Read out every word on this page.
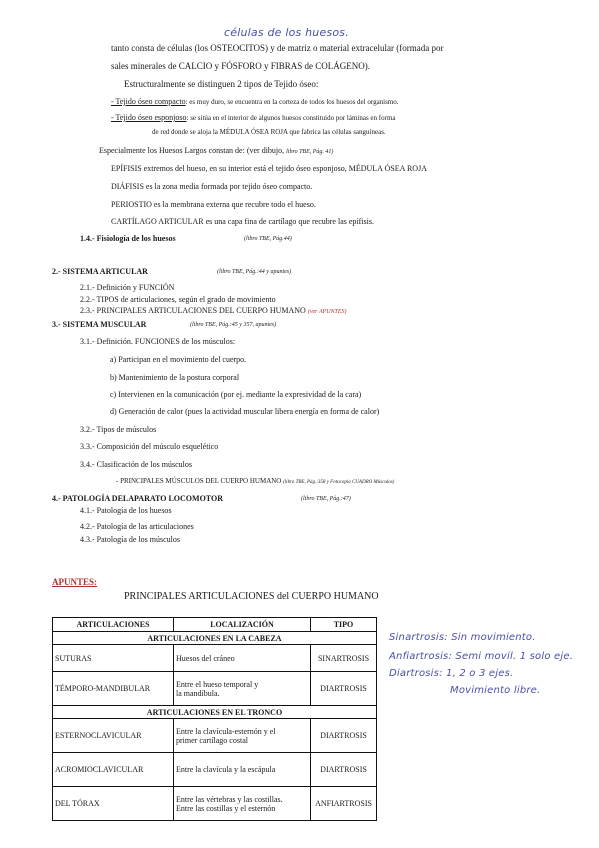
células de los huesos.
tanto consta de células (los OSTEOCITOS) y de matriz o material extracelular (formada por
sales minerales de CALCIO y FÓSFORO y FIBRAS de COLÁGENO).
Estructuralmente se distinguen 2 tipos de Tejido óseo:
- Tejido óseo compacto: es muy duro, se encuentra en la corteza de todos los huesos del organismo.
- Tejido óseo esponjoso: se sitúa en el interior de algunos huesos constituido por láminas en forma
de red donde se aloja la MÉDULA ÓSEA ROJA que fabrica las células sanguíneas.
Especialmente los Huesos Largos constan de: (ver dibujo, libro TBE, Pág. 41)
EPÍFISIS extremos del hueso, en su interior está el tejido óseo esponjoso, MÉDULA ÓSEA ROJA
DIÁFISIS es la zona media formada por tejido óseo compacto.
PERIOSTIO es la membrana externa que recubre todo el hueso.
CARTÍLAGO ARTICULAR es una capa fina de cartílago que recubre las epífisis.
1.4.- Fisiología de los huesos	(libro TBE, Pág.44)
2.- SISTEMA ARTICULAR	(libro TBE, Pág.:44 y apuntes)
2.1.- Definición y FUNCIÓN
2.2.- TIPOS de articulaciones, según el grado de movimiento
2.3.- PRINCIPALES ARTICULACIONES DEL CUERPO HUMANO (ver APUNTES)
3.- SISTEMA MUSCULAR	(libro TBE, Pág.:45 y 357, apuntes)
3.1.- Definición. FUNCIONES de los músculos:
a) Participan en el movimiento del cuerpo.
b) Mantenimiento de la postura corporal
c) Intervienen en la comunicación (por ej. mediante la expresividad de la cara)
d) Generación de calor (pues la actividad muscular libera energía en forma de calor)
3.2.- Tipos de músculos
3.3.- Composición del músculo esquelético
3.4.- Clasificación de los músculos
- PRINCIPALES MÚSCULOS DEL CUERPO HUMANO (libro TBE, Pág.:358 y Fotocopia CUADRO Músculos)
4.- PATOLOGÍA DELAPARATO LOCOMOTOR	(libro TBE, Pág.:47)
4.1.- Patología de los huesos
4.2.- Patología de las articulaciones
4.3.- Patología de los músculos
APUNTES:
PRINCIPALES ARTICULACIONES del CUERPO HUMANO
ARTICULACIONES	LOCALIZACIÓN	TIPO
ARTICULACIONES EN LA CABEZA		
SUTURAS	Huesos del cráneo	SINARTROSIS
TÉMPORO-MANDIBULAR	Entre el hueso temporal y
la mandíbula.	DIARTROSIS
ARTICULACIONES EN EL TRONCO		
ESTERNOCLAVICULAR	Entre la clavícula-esternón y el
primer cartílago costal	DIARTROSIS
ACROMIOCLAVICULAR	Entre la clavícula y la escápula	DIARTROSIS
DEL TÓRAX	Entre las vértebras y las costillas.
Entre las costillas y el esternón	ANFIARTROSIS
Sinartrosis: Sin movimiento.
Anfiartrosis: Semi movil. 1 solo eje.
Diartrosis: 1, 2 o 3 ejes.
Movimiento libre.
